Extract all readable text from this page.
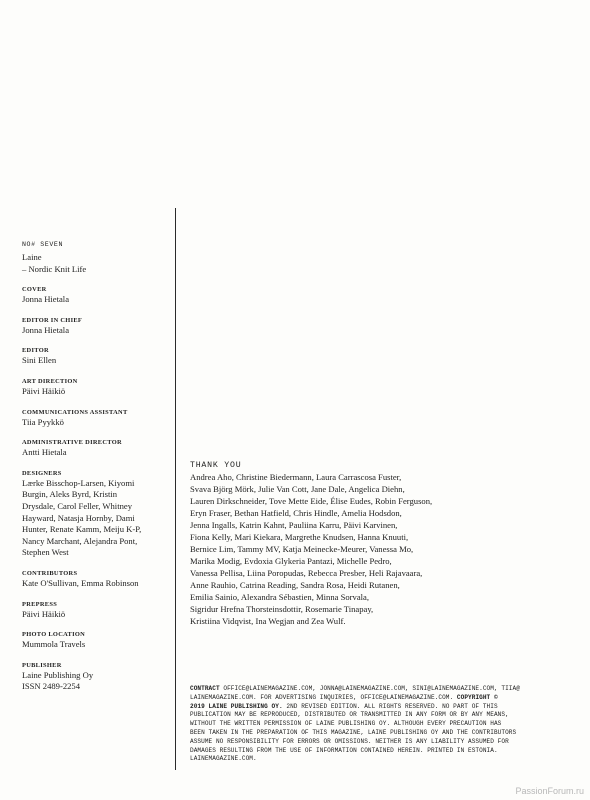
NO# SEVEN
Laine
– Nordic Knit Life
COVER
Jonna Hietala
EDITOR IN CHIEF
Jonna Hietala
EDITOR
Sini Ellen
ART DIRECTION
Päivi Häikiö
COMMUNICATIONS ASSISTANT
Tiia Pyykkö
ADMINISTRATIVE DIRECTOR
Antti Hietala
DESIGNERS
Lærke Bisschop-Larsen, Kiyomi
Burgin, Aleks Byrd, Kristin
Drysdale, Carol Feller, Whitney
Hayward, Natasja Hornby, Dami
Hunter, Renate Kamm, Meiju K-P,
Nancy Marchant, Alejandra Pont,
Stephen West
CONTRIBUTORS
Kate O'Sullivan, Emma Robinson
PREPRESS
Päivi Häikiö
PHOTO LOCATION
Mummola Travels
PUBLISHER
Laine Publishing Oy
ISSN 2489-2254
THANK YOU
Andrea Aho, Christine Biedermann, Laura Carrascosa Fuster,
Svava Björg Mörk, Julie Van Cott, Jane Dale, Angelica Diehn,
Lauren Dirkschneider, Tove Mette Eide, Élise Eudes, Robin Ferguson,
Eryn Fraser, Bethan Hatfield, Chris Hindle, Amelia Hodsdon,
Jenna Ingalls, Katrin Kahnt, Pauliina Karru, Päivi Karvinen,
Fiona Kelly, Mari Kiekara, Margrethe Knudsen, Hanna Knuuti,
Bernice Lim, Tammy MV, Katja Meinecke-Meurer, Vanessa Mo,
Marika Modig, Evdoxia Glykeria Pantazi, Michelle Pedro,
Vanessa Pellisa, Liina Poropudas, Rebecca Presber, Heli Rajavaara,
Anne Rauhio, Catrina Reading, Sandra Rosa, Heidi Rutanen,
Emilia Sainio, Alexandra Sébastien, Minna Sorvala,
Sigridur Hrefna Thorsteinsdottir, Rosemarie Tinapay,
Kristiina Vidqvist, Ina Wegjan and Zea Wulf.
CONTRACT OFFICE@LAINEMAGAZINE.COM, JONNA@LAINEMAGAZINE.COM, SINI@LAINEMAGAZINE.COM, TIIA@
LAINEMAGAZINE.COM. FOR ADVERTISING INQUIRIES, OFFICE@LAINEMAGAZINE.COM. COPYRIGHT ©
2019 LAINE PUBLISHING OY. 2ND REVISED EDITION. ALL RIGHTS RESERVED. NO PART OF THIS
PUBLICATION MAY BE REPRODUCED, DISTRIBUTED OR TRANSMITTED IN ANY FORM OR BY ANY MEANS,
WITHOUT THE WRITTEN PERMISSION OF LAINE PUBLISHING OY. ALTHOUGH EVERY PRECAUTION HAS
BEEN TAKEN IN THE PREPARATION OF THIS MAGAZINE, LAINE PUBLISHING OY AND THE CONTRIBUTORS
ASSUME NO RESPONSIBILITY FOR ERRORS OR OMISSIONS. NEITHER IS ANY LIABILITY ASSUMED FOR
DAMAGES RESULTING FROM THE USE OF INFORMATION CONTAINED HEREIN. PRINTED IN ESTONIA.
LAINEMAGAZINE.COM.
PassionForum.ru
